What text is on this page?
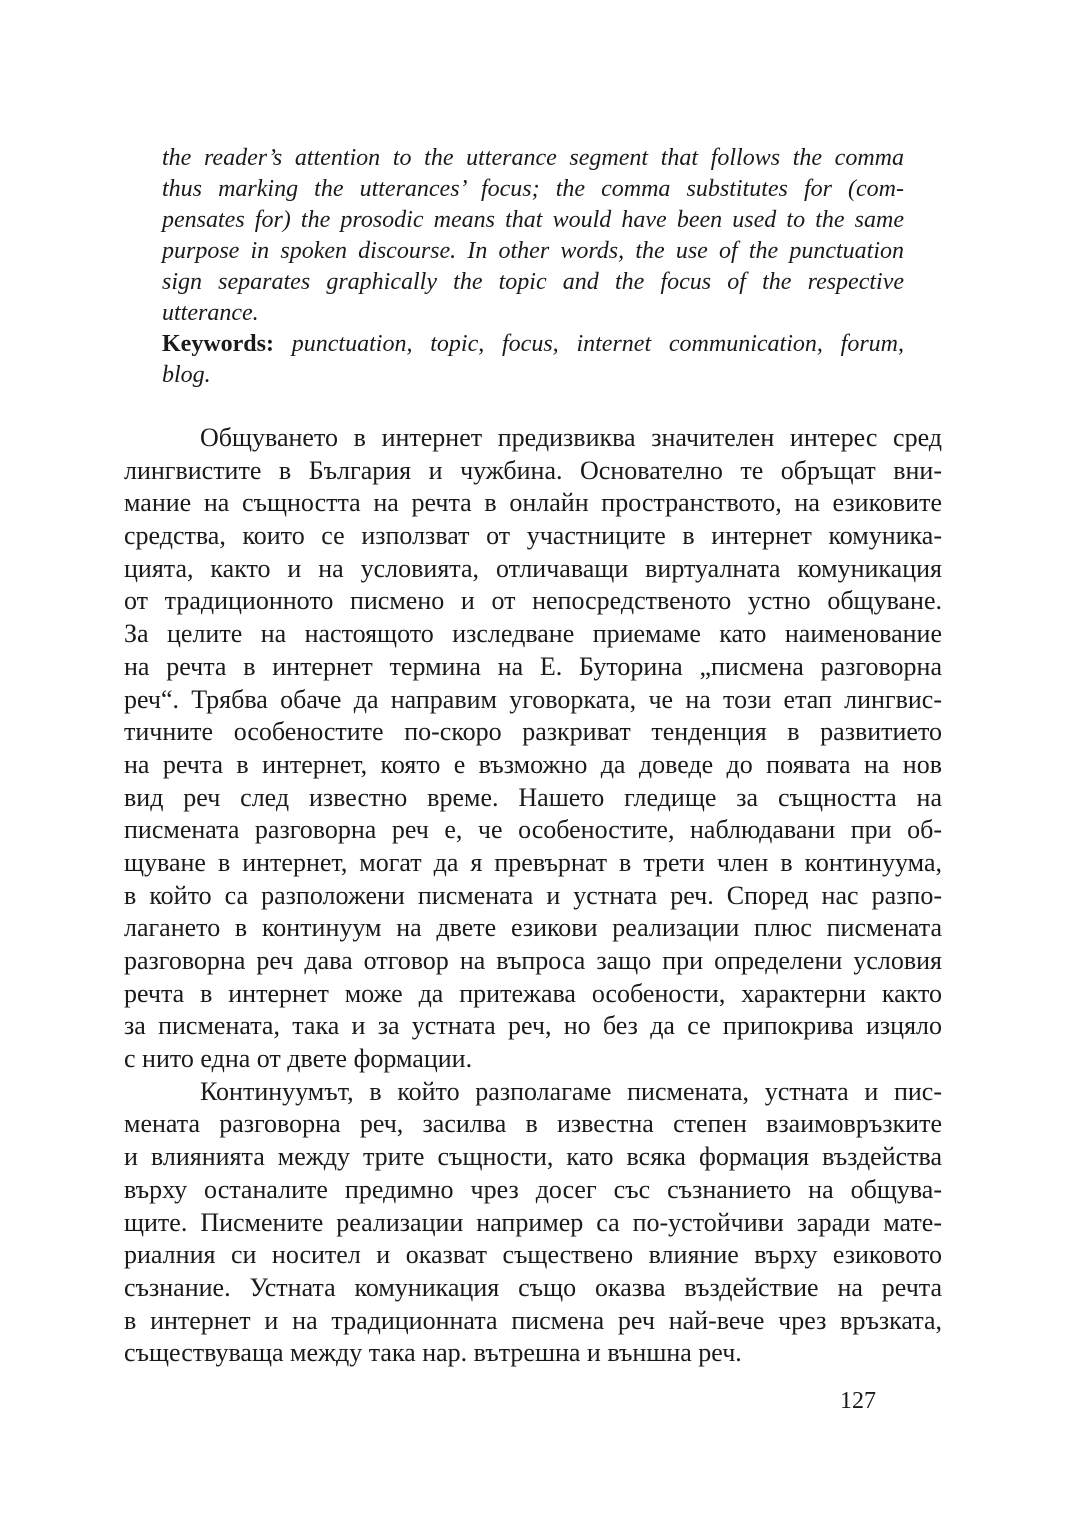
the reader’s attention to the utterance segment that follows the comma
thus marking the utterances’ focus; the comma substitutes for (com-
pensates for) the prosodic means that would have been used to the same
purpose in spoken discourse. In other words, the use of the punctuation
sign separates graphically the topic and the focus of the respective
utterance.
Keywords: punctuation, topic, focus, internet communication, forum,
blog.
Общуването в интернет предизвиква значителен интерес сред
лингвистите в България и чужбина. Основателно те обръщат вни-
мание на същността на речта в онлайн пространството, на езиковите
средства, които се използват от участниците в интернет комуника-
цията, както и на условията, отличаващи виртуалната комуникация
от традиционното писмено и от непосредственото устно общуване.
За целите на настоящото изследване приемаме като наименование
на речта в интернет термина на Е. Буторина „писмена разговорна
реч“. Трябва обаче да направим уговорката, че на този етап лингвис-
тичните особеностите по-скоро разкриват тенденция в развитието
на речта в интернет, която е възможно да доведе до появата на нов
вид реч след известно време. Нашето гледище за същността на
писмената разговорна реч е, че особеностите, наблюдавани при об-
щуване в интернет, могат да я превърнат в трети член в континуума,
в който са разположени писмената и устната реч. Според нас разпо-
лагането в континуум на двете езикови реализации плюс писмената
разговорна реч дава отговор на въпроса защо при определени условия
речта в интернет може да притежава особености, характерни както
за писмената, така и за устната реч, но без да се припокрива изцяло
с нито една от двете формации.
Континуумът, в който разполагаме писмената, устната и пис-
мената разговорна реч, засилва в известна степен взаимовръзките
и влиянията между трите същности, като всяка формация въздейства
върху останалите предимно чрез досег със съзнанието на общува-
щите. Писмените реализации например са по-устойчиви заради мате-
риалния си носител и оказват съществено влияние върху езиковото
съзнание. Устната комуникация също оказва въздействие на речта
в интернет и на традиционната писмена реч най-вече чрез връзката,
съществуваща между така нар. вътрешна и външна реч.
127
